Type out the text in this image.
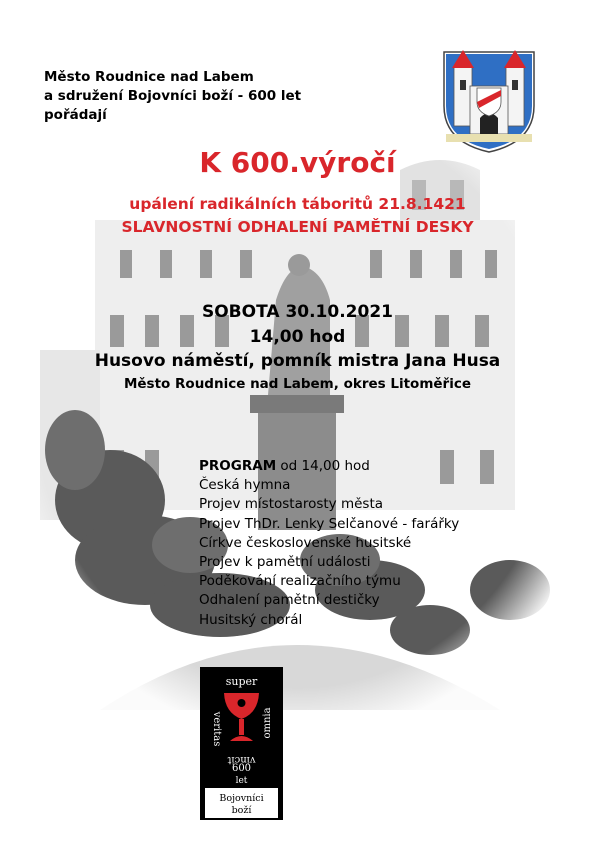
Město Roudnice nad Labem
a sdružení Bojovníci boží - 600 let
pořádají
K 600.výročí
upálení radikálních táboritů 21.8.1421
SLAVNOSTNÍ ODHALENÍ PAMĚTNÍ DESKY
SOBOTA 30.10.2021
14,00 hod
Husovo náměstí, pomník mistra Jana Husa
Město Roudnice nad Labem, okres Litoměřice
PROGRAM od 14,00 hod
Česká hymna
Projev místostarosty města
Projev ThDr. Lenky Selčanové - farářky
Církve československé husitské
Projev k pamětní události
Poděkování realizačního týmu
Odhalení pamětní destičky
Husitský chorál
super
veritas	omnia
vincit
600
let
Bojovníci
boží
